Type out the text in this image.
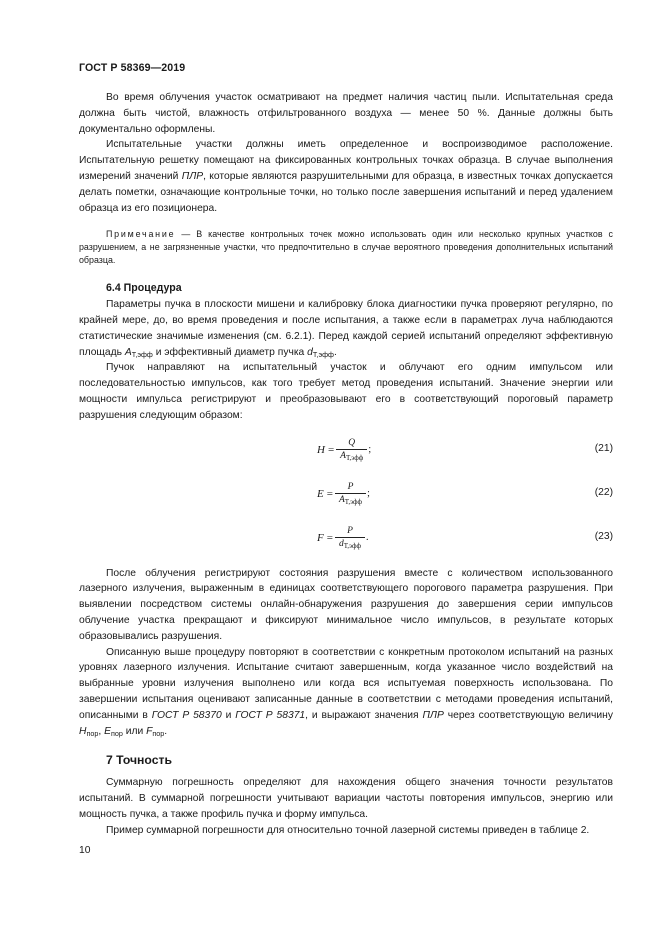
ГОСТ Р 58369—2019

Во время облучения участок осматривают на предмет наличия частиц пыли. Испытательная среда должна быть чистой, влажность отфильтрованного воздуха — менее 50 %. Данные должны быть документально оформлены.

Испытательные участки должны иметь определенное и воспроизводимое расположение. Испытательную решетку помещают на фиксированных контрольных точках образца. В случае выполнения измерений значений ПЛР, которые являются разрушительными для образца, в известных точках допускается делать пометки, означающие контрольные точки, но только после завершения испытаний и перед удалением образца из его позиционера.

Примечание — В качестве контрольных точек можно использовать один или несколько крупных участков с разрушением, а не загрязненные участки, что предпочтительно в случае вероятного проведения дополнительных испытаний образца.

6.4 Процедура

Параметры пучка в плоскости мишени и калибровку блока диагностики пучка проверяют регулярно, по крайней мере, до, во время проведения и после испытания, а также если в параметрах луча наблюдаются статистические значимые изменения (см. 6.2.1). Перед каждой серией испытаний определяют эффективную площадь $A_{Т,эфф}$ и эффективный диаметр пучка $d_{Т,эфф}$.

Пучок направляют на испытательный участок и облучают его одним импульсом или последовательностью импульсов, как того требует метод проведения испытаний. Значение энергии или мощности импульса регистрируют и преобразовывают его в соответствующий пороговый параметр разрушения следующим образом:

$H = \frac{Q}{A_{Т,эфф}}$ ;	(21)
$E = \frac{P}{A_{Т,эфф}}$ ;	(22)
$F = \frac{P}{d_{Т,эфф}}$ .	(23)

После облучения регистрируют состояния разрушения вместе с количеством использованного лазерного излучения, выраженным в единицах соответствующего порогового параметра разрушения. При выявлении посредством системы онлайн-обнаружения разрушения до завершения серии импульсов облучение участка прекращают и фиксируют минимальное число импульсов, в результате которых образовывались разрушения.

Описанную выше процедуру повторяют в соответствии с конкретным протоколом испытаний на разных уровнях лазерного излучения. Испытание считают завершенным, когда указанное число воздействий на выбранные уровни излучения выполнено или когда вся испытуемая поверхность использована. По завершении испытания оценивают записанные данные в соответствии с методами проведения испытаний, описанными в ГОСТ Р 58370 и ГОСТ Р 58371, и выражают значения ПЛР через соответствующую величину $H_{пор}$, $E_{пор}$ или $F_{пор}$.

7 Точность

Суммарную погрешность определяют для нахождения общего значения точности результатов испытаний. В суммарной погрешности учитывают вариации частоты повторения импульсов, энергию или мощность пучка, а также профиль пучка и форму импульса.

Пример суммарной погрешности для относительно точной лазерной системы приведен в таблице 2.

10
